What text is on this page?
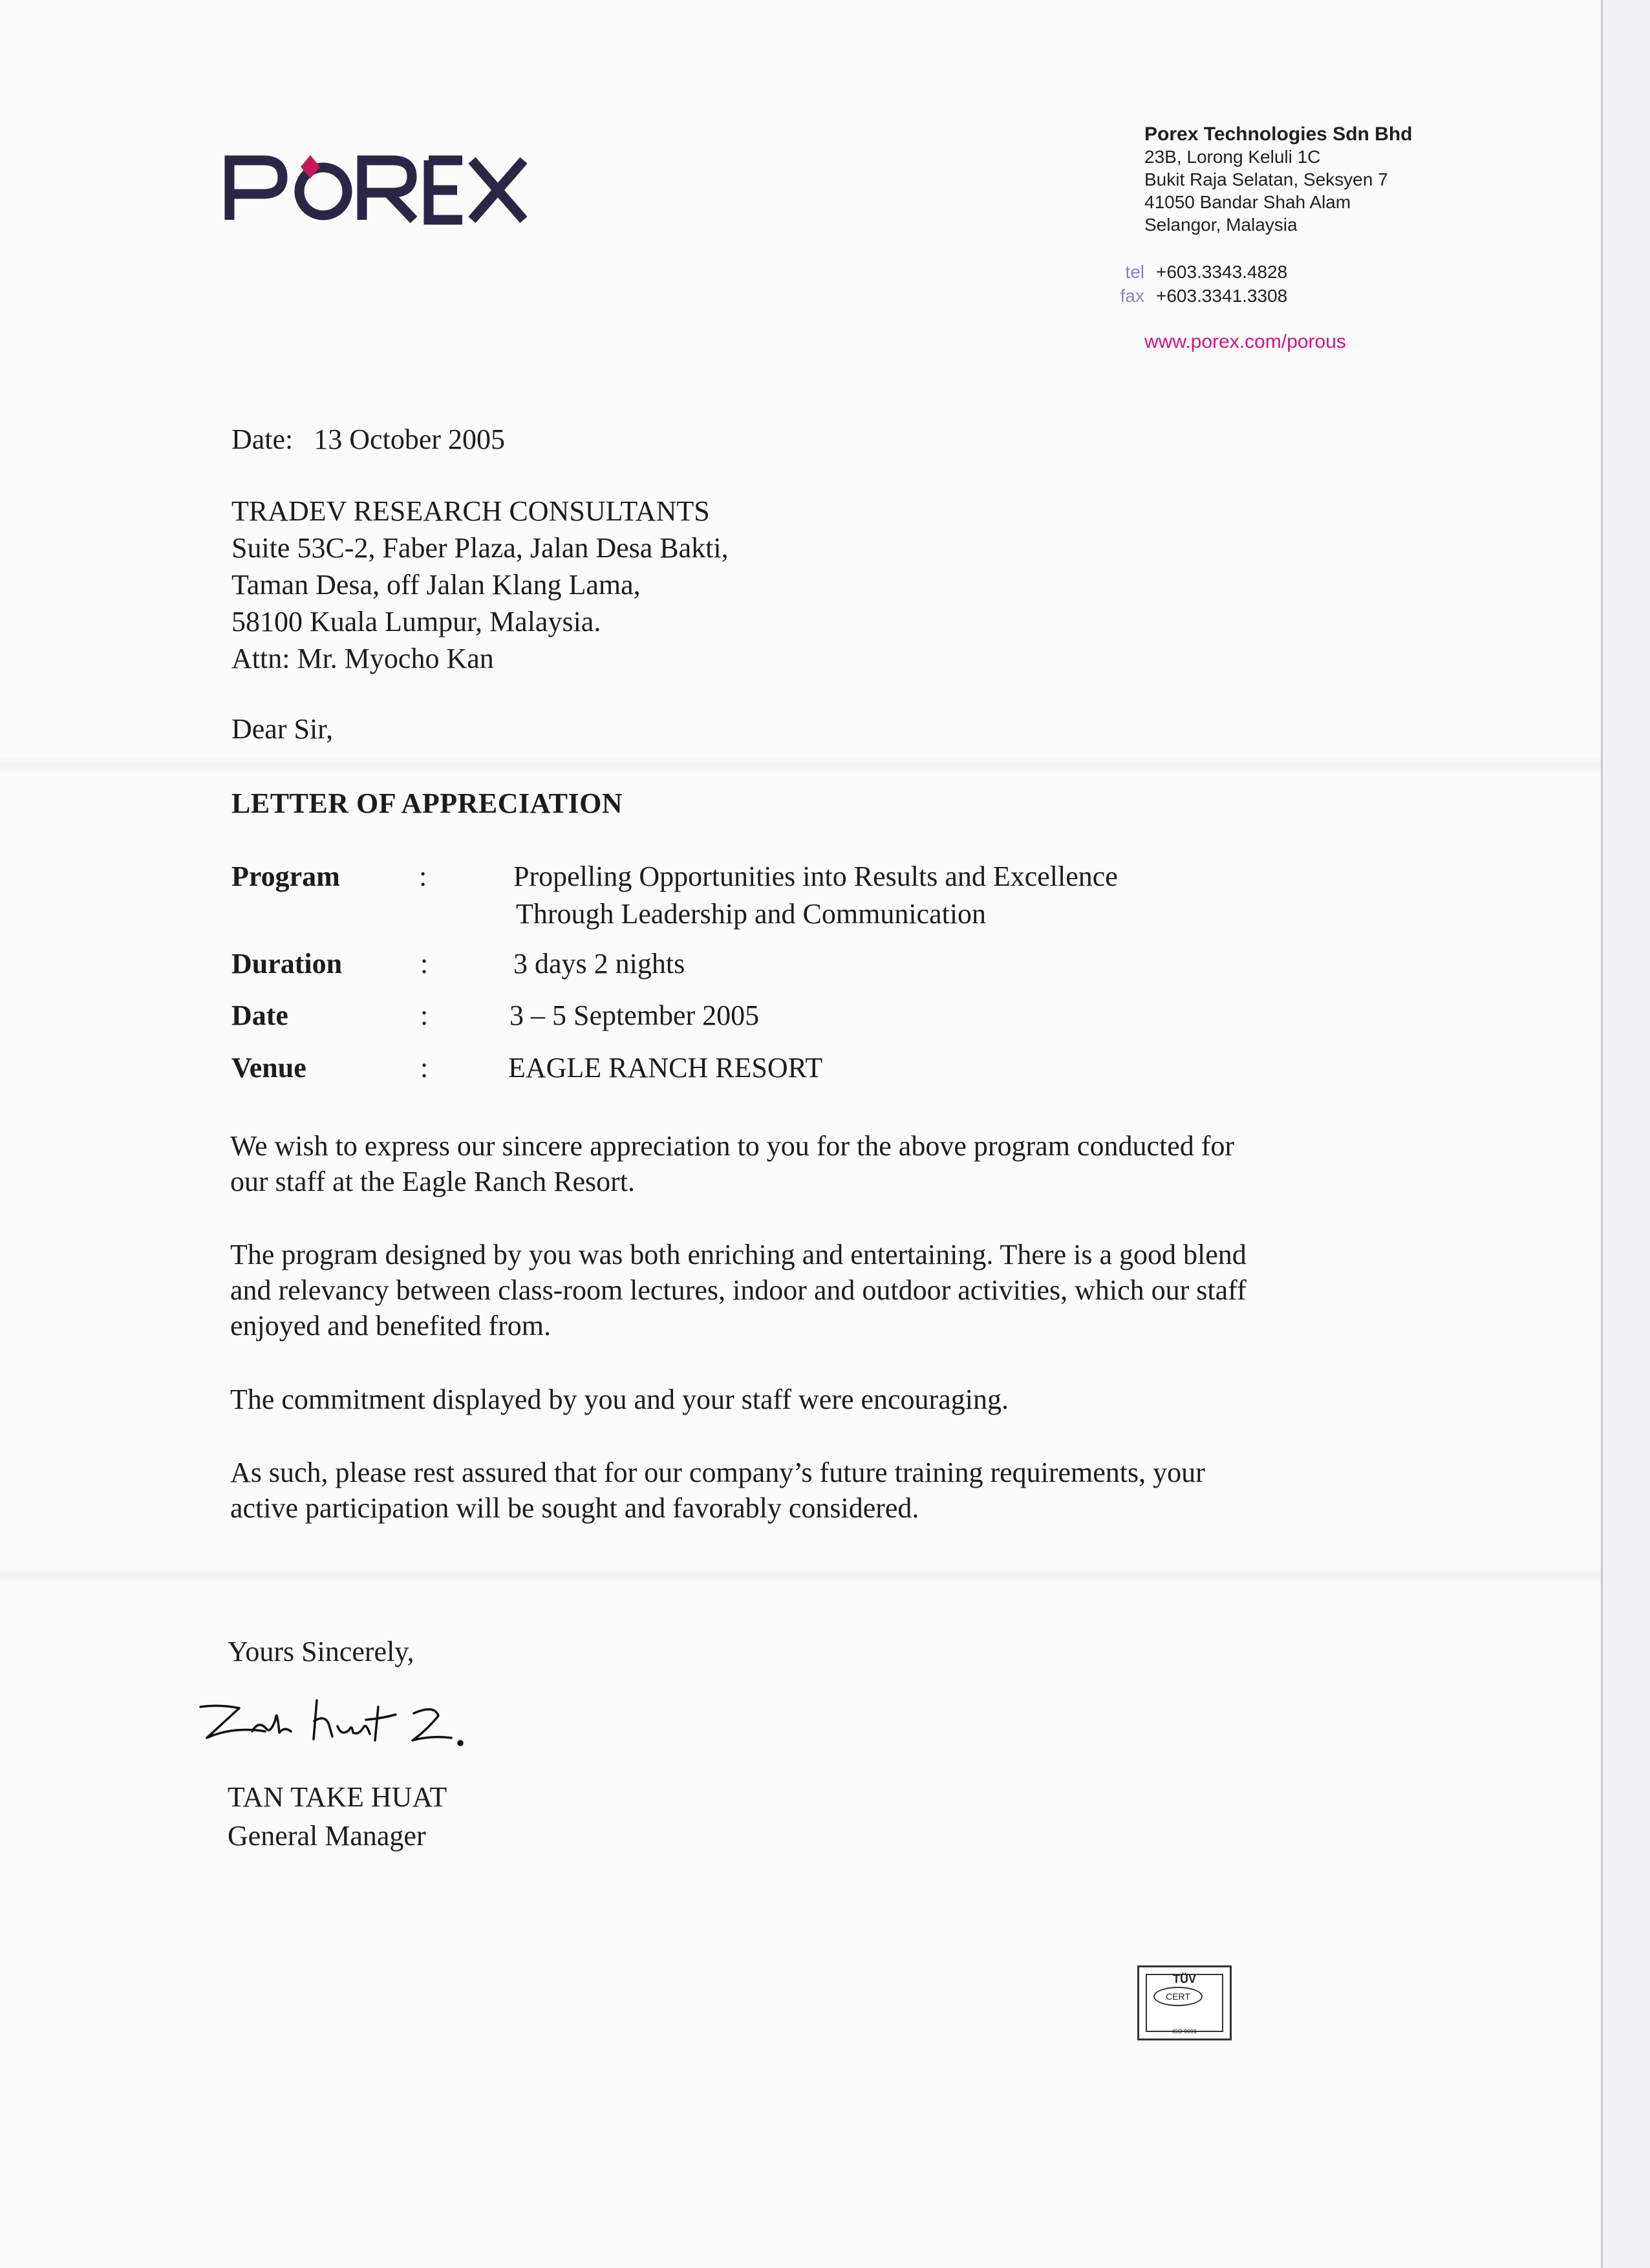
PÖREX
Porex Technologies Sdn Bhd
23B, Lorong Keluli 1C
Bukit Raja Selatan, Seksyen 7
41050 Bandar Shah Alam
Selangor, Malaysia
tel +603.3343.4828
fax +603.3341.3308
www.porex.com/porous
Date: 13 October 2005
TRADEV RESEARCH CONSULTANTS
Suite 53C-2, Faber Plaza, Jalan Desa Bakti,
Taman Desa, off Jalan Klang Lama,
58100 Kuala Lumpur, Malaysia.
Attn: Mr. Myocho Kan
Dear Sir,
LETTER OF APPRECIATION
Program	:	Propelling Opportunities into Results and Excellence
Through Leadership and Communication
Duration	:	3 days 2 nights
Date	:	3 – 5 September 2005
Venue	:	EAGLE RANCH RESORT
We wish to express our sincere appreciation to you for the above program conducted for
our staff at the Eagle Ranch Resort.
The program designed by you was both enriching and entertaining. There is a good blend
and relevancy between class-room lectures, indoor and outdoor activities, which our staff
enjoyed and benefited from.
The commitment displayed by you and your staff were encouraging.
As such, please rest assured that for our company’s future training requirements, your
active participation will be sought and favorably considered.
Yours Sincerely,
TAN TAKE HUAT
General Manager
TÜV
CERT
ISO 9001
